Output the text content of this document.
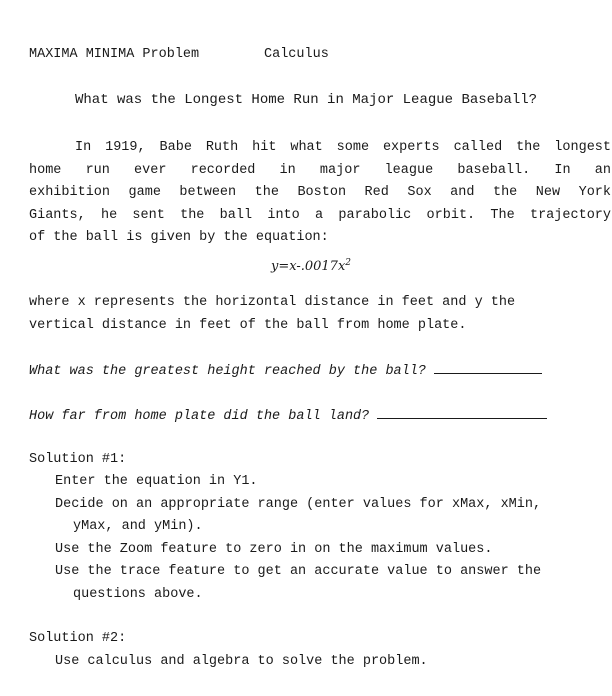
MAXIMA MINIMA Problem	Calculus
What was the Longest Home Run in Major League Baseball?
In 1919, Babe Ruth hit what some experts called the longest
home run ever recorded in major league baseball. In an
exhibition game between the Boston Red Sox and the New York
Giants, he sent the ball into a parabolic orbit. The trajectory
of the ball is given by the equation:
$y=x-.0017x^2$
where x represents the horizontal distance in feet and y the
vertical distance in feet of the ball from home plate.
What was the greatest height reached by the ball?
How far from home plate did the ball land?
Solution #1:
Enter the equation in Y1.
Decide on an appropriate range (enter values for xMax, xMin,
yMax, and yMin).
Use the Zoom feature to zero in on the maximum values.
Use the trace feature to get an accurate value to answer the
questions above.
Solution #2:
Use calculus and algebra to solve the problem.
